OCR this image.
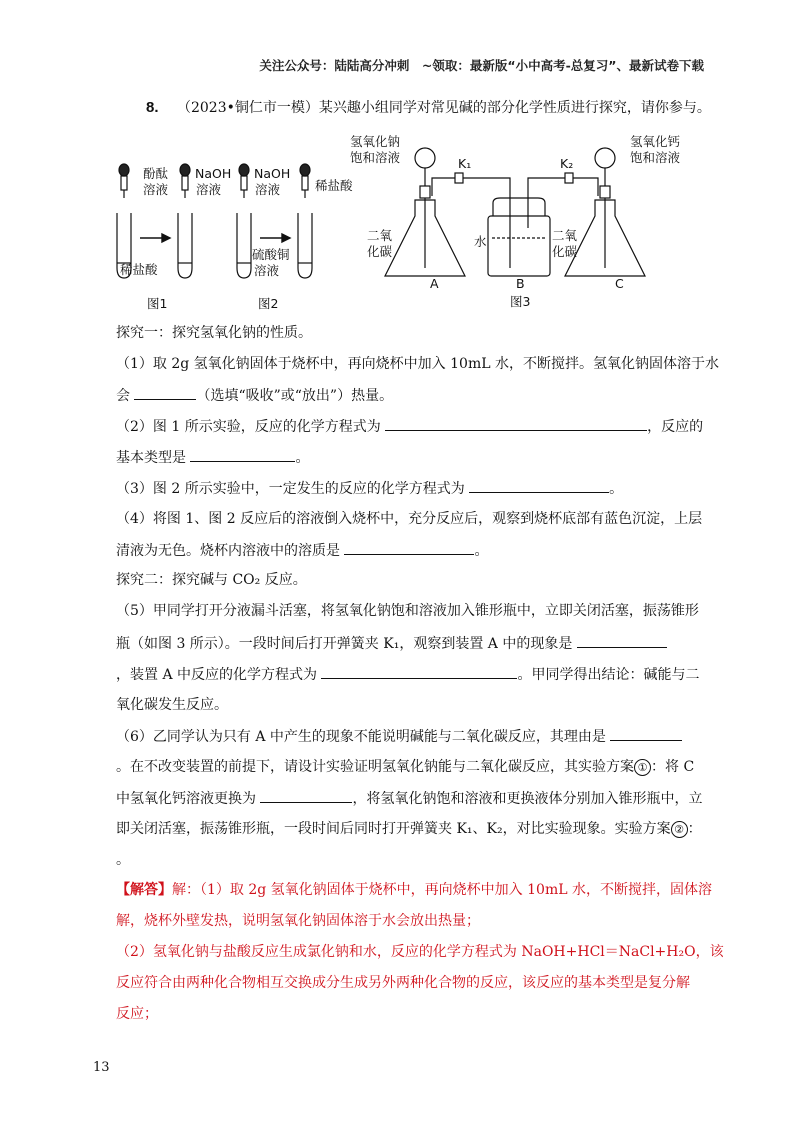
关注公众号：陆陆高分冲刺　~领取：最新版“小中高考-总复习”、最新试卷下载
8. （2023•铜仁市一模）某兴趣小组同学对常见碱的部分化学性质进行探究，请你参与。
酚酞
溶液
NaOH
溶液
稀盐酸
图1
NaOH
溶液	稀盐酸
硫酸铜
溶液
图2
氢氧化钠
饱和溶液
氢氧化钙
饱和溶液
K₁	K₂
二氧
化碳
水	二氧
化碳
A	B	C
图3
探究一：探究氢氧化钠的性质。
（1）取 2g 氢氧化钠固体于烧杯中，再向烧杯中加入 10mL 水，不断搅拌。氢氧化钠固体溶于水
会	（选填“吸收”或“放出”）热量。
（2）图 1 所示实验，反应的化学方程式为	，反应的
基本类型是	。
（3）图 2 所示实验中，一定发生的反应的化学方程式为	。
（4）将图 1、图 2 反应后的溶液倒入烧杯中，充分反应后，观察到烧杯底部有蓝色沉淀，上层
清液为无色。烧杯内溶液中的溶质是	。
探究二：探究碱与 CO₂ 反应。
（5）甲同学打开分液漏斗活塞，将氢氧化钠饱和溶液加入锥形瓶中，立即关闭活塞，振荡锥形
瓶（如图 3 所示）。一段时间后打开弹簧夹 K₁，观察到装置 A 中的现象是
，装置 A 中反应的化学方程式为	。甲同学得出结论：碱能与二
氧化碳发生反应。
（6）乙同学认为只有 A 中产生的现象不能说明碱能与二氧化碳反应，其理由是
。在不改变装置的前提下，请设计实验证明氢氧化钠能与二氧化碳反应，其实验方案 ① ：将 C
中氢氧化钙溶液更换为	，将氢氧化钠饱和溶液和更换液体分别加入锥形瓶中，立
即关闭活塞，振荡锥形瓶，一段时间后同时打开弹簧夹 K₁、K₂，对比实验现象。实验方案 ② ：
。
【解答】解：（1）取 2g 氢氧化钠固体于烧杯中，再向烧杯中加入 10mL 水，不断搅拌，固体溶
解，烧杯外壁发热，说明氢氧化钠固体溶于水会放出热量；
（2）氢氧化钠与盐酸反应生成氯化钠和水，反应的化学方程式为 NaOH+HCl＝NaCl+H₂O，该
反应符合由两种化合物相互交换成分生成另外两种化合物的反应，该反应的基本类型是复分解
反应；
13
